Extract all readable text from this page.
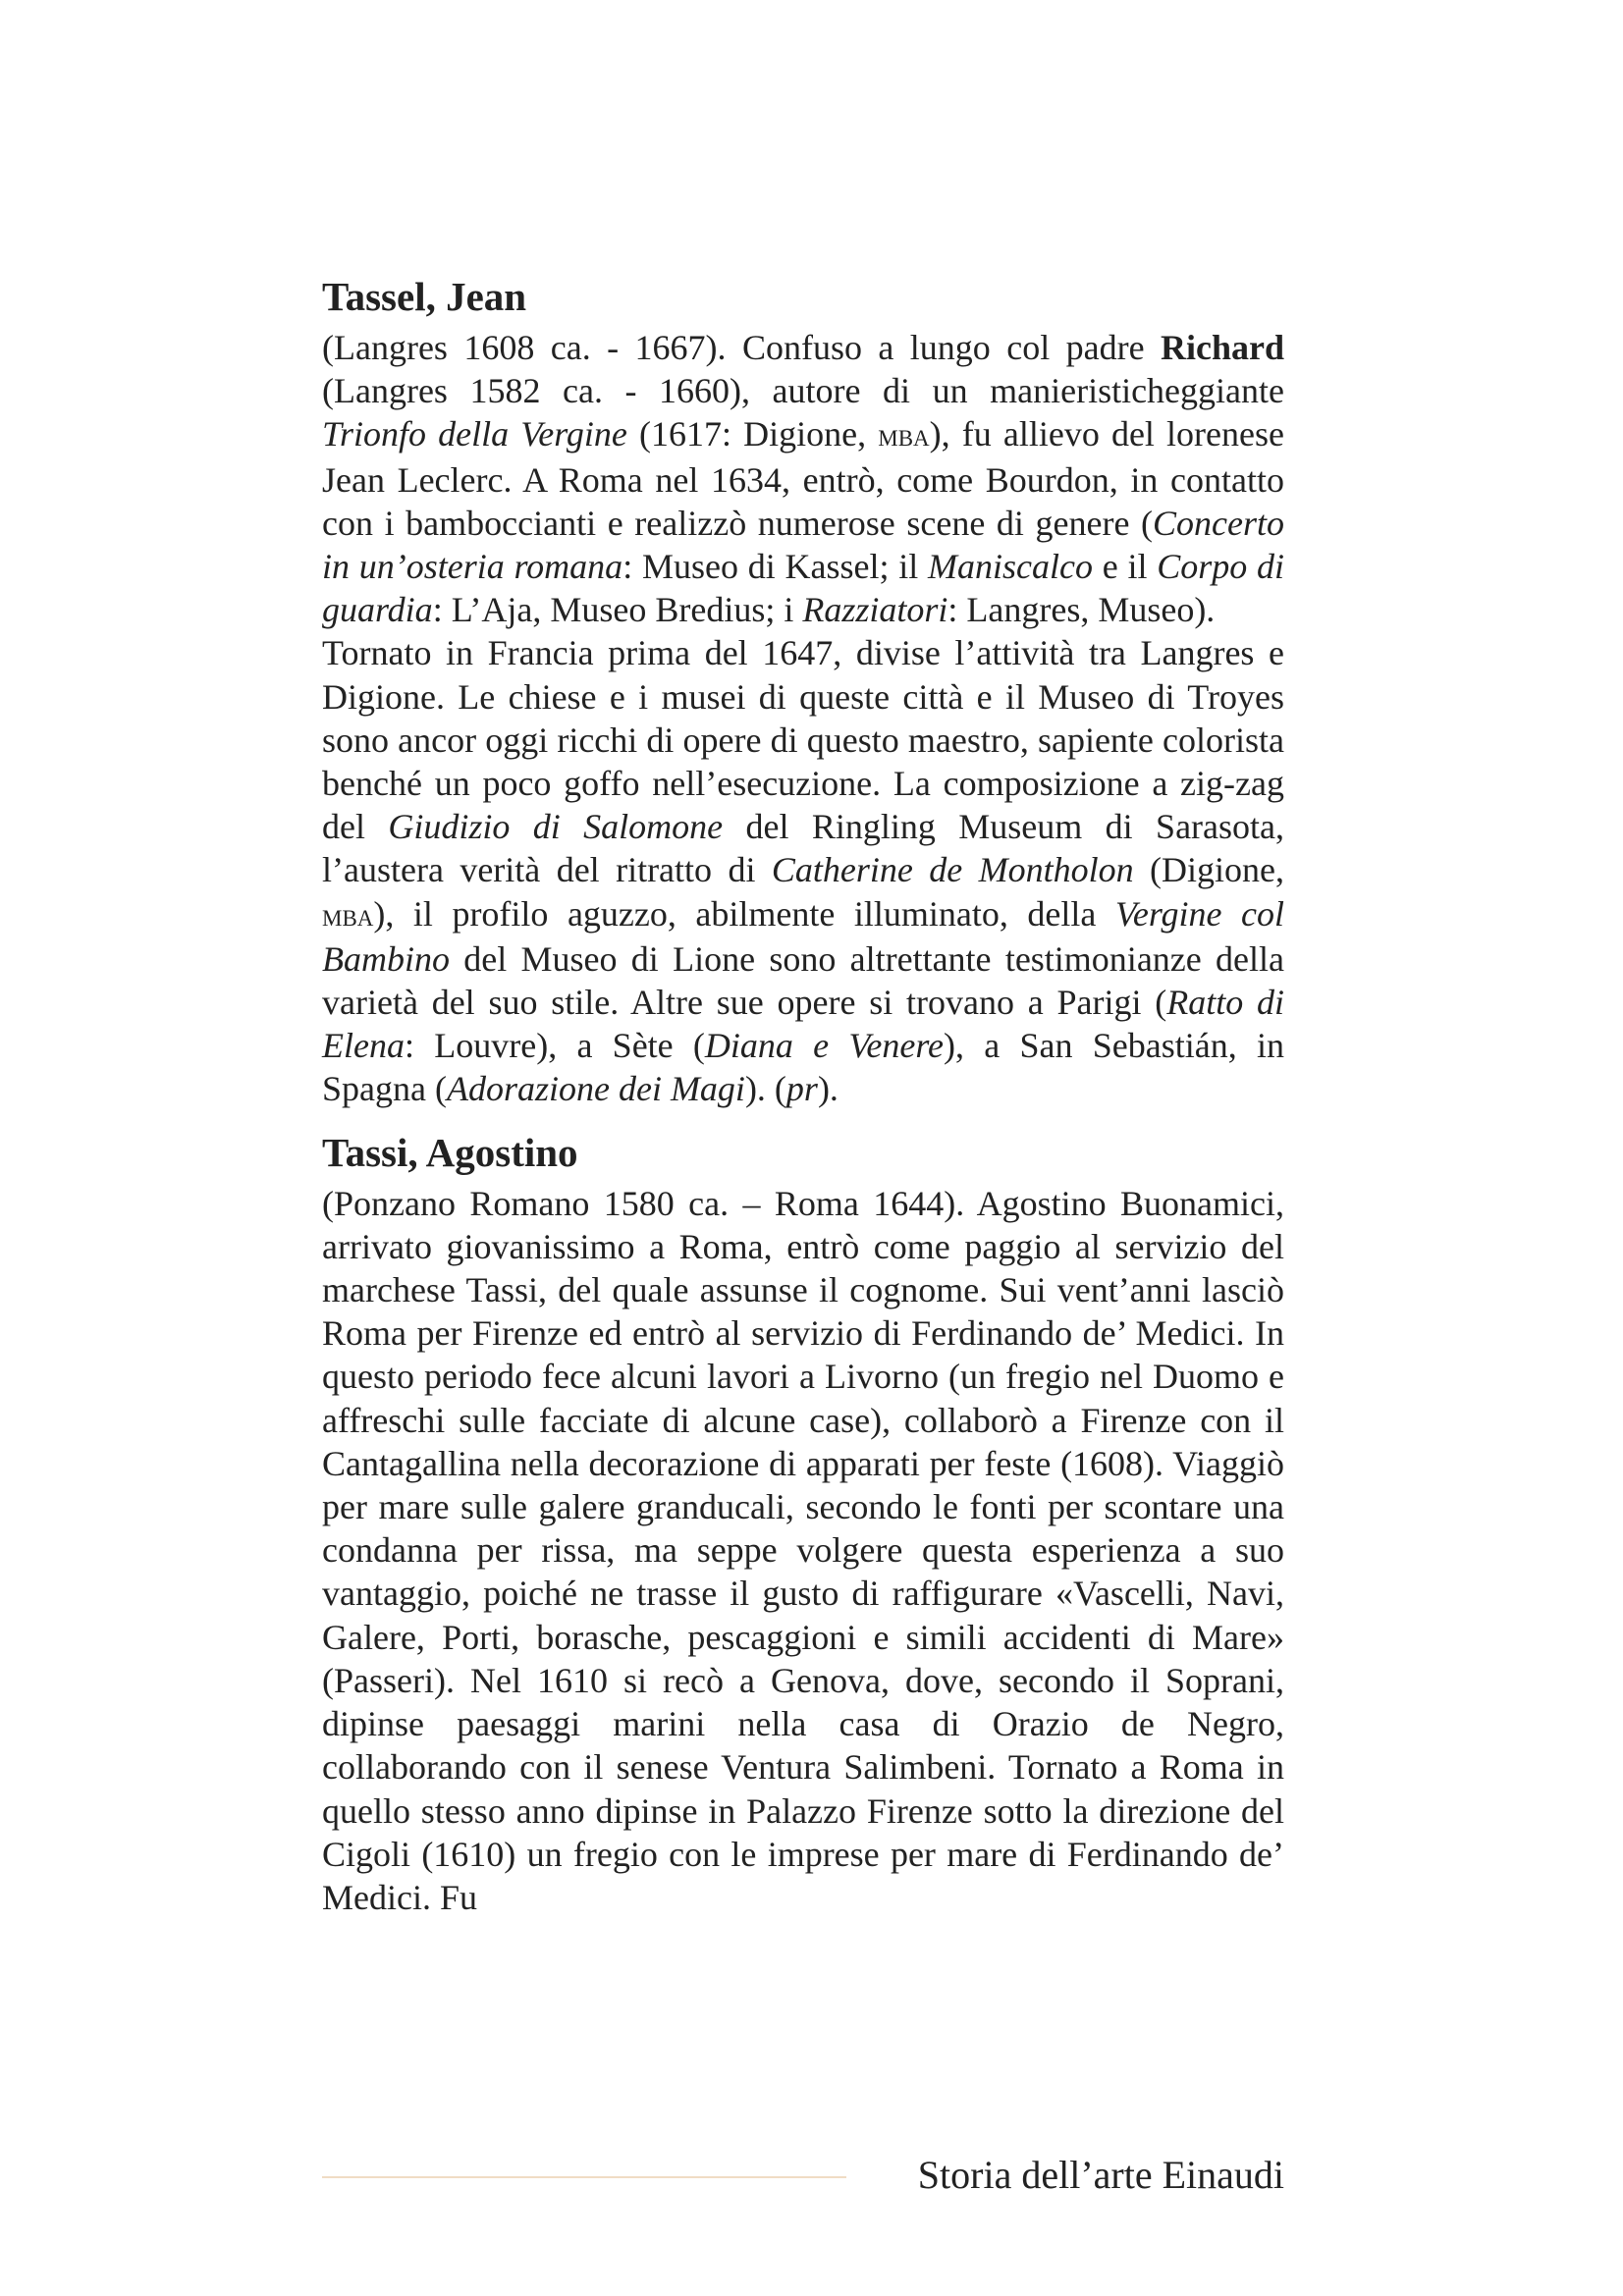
Tassel, Jean

(Langres 1608 ca. - 1667). Confuso a lungo col padre Richard (Langres 1582 ca. - 1660), autore di un manieristicheggiante Trionfo della Vergine (1617: Digione, mba), fu allievo del lorenese Jean Leclerc. A Roma nel 1634, entrò, come Bourdon, in contatto con i bamboccianti e realizzò numerose scene di genere (Concerto in un’osteria romana: Museo di Kassel; il Maniscalco e il Corpo di guardia: L’Aja, Museo Bredius; i Razziatori: Langres, Museo).

Tornato in Francia prima del 1647, divise l’attività tra Langres e Digione. Le chiese e i musei di queste città e il Museo di Troyes sono ancor oggi ricchi di opere di questo maestro, sapiente colorista benché un poco goffo nell’esecuzione. La composizione a zig-zag del Giudizio di Salomone del Ringling Museum di Sarasota, l’austera verità del ritratto di Catherine de Montholon (Digione, mba), il profilo aguzzo, abilmente illuminato, della Vergine col Bambino del Museo di Lione sono altrettante testimonianze della varietà del suo stile. Altre sue opere si trovano a Parigi (Ratto di Elena: Louvre), a Sète (Diana e Venere), a San Sebastián, in Spagna (Adorazione dei Magi). (pr).

Tassi, Agostino

(Ponzano Romano 1580 ca. – Roma 1644). Agostino Buonamici, arrivato giovanissimo a Roma, entrò come paggio al servizio del marchese Tassi, del quale assunse il cognome. Sui vent’anni lasciò Roma per Firenze ed entrò al servizio di Ferdinando de’ Medici. In questo periodo fece alcuni lavori a Livorno (un fregio nel Duomo e affreschi sulle facciate di alcune case), collaborò a Firenze con il Cantagallina nella decorazione di apparati per feste (1608). Viaggiò per mare sulle galere granducali, secondo le fonti per scontare una condanna per rissa, ma seppe volgere questa esperienza a suo vantaggio, poiché ne trasse il gusto di raffigurare «Vascelli, Navi, Galere, Porti, borasche, pescaggioni e simili accidenti di Mare» (Passeri). Nel 1610 si recò a Genova, dove, secondo il Soprani, dipinse paesaggi marini nella casa di Orazio de Negro, collaborando con il senese Ventura Salimbeni. Tornato a Roma in quello stesso anno dipinse in Palazzo Firenze sotto la direzione del Cigoli (1610) un fregio con le imprese per mare di Ferdinando de’ Medici. Fu

Storia dell’arte Einaudi
